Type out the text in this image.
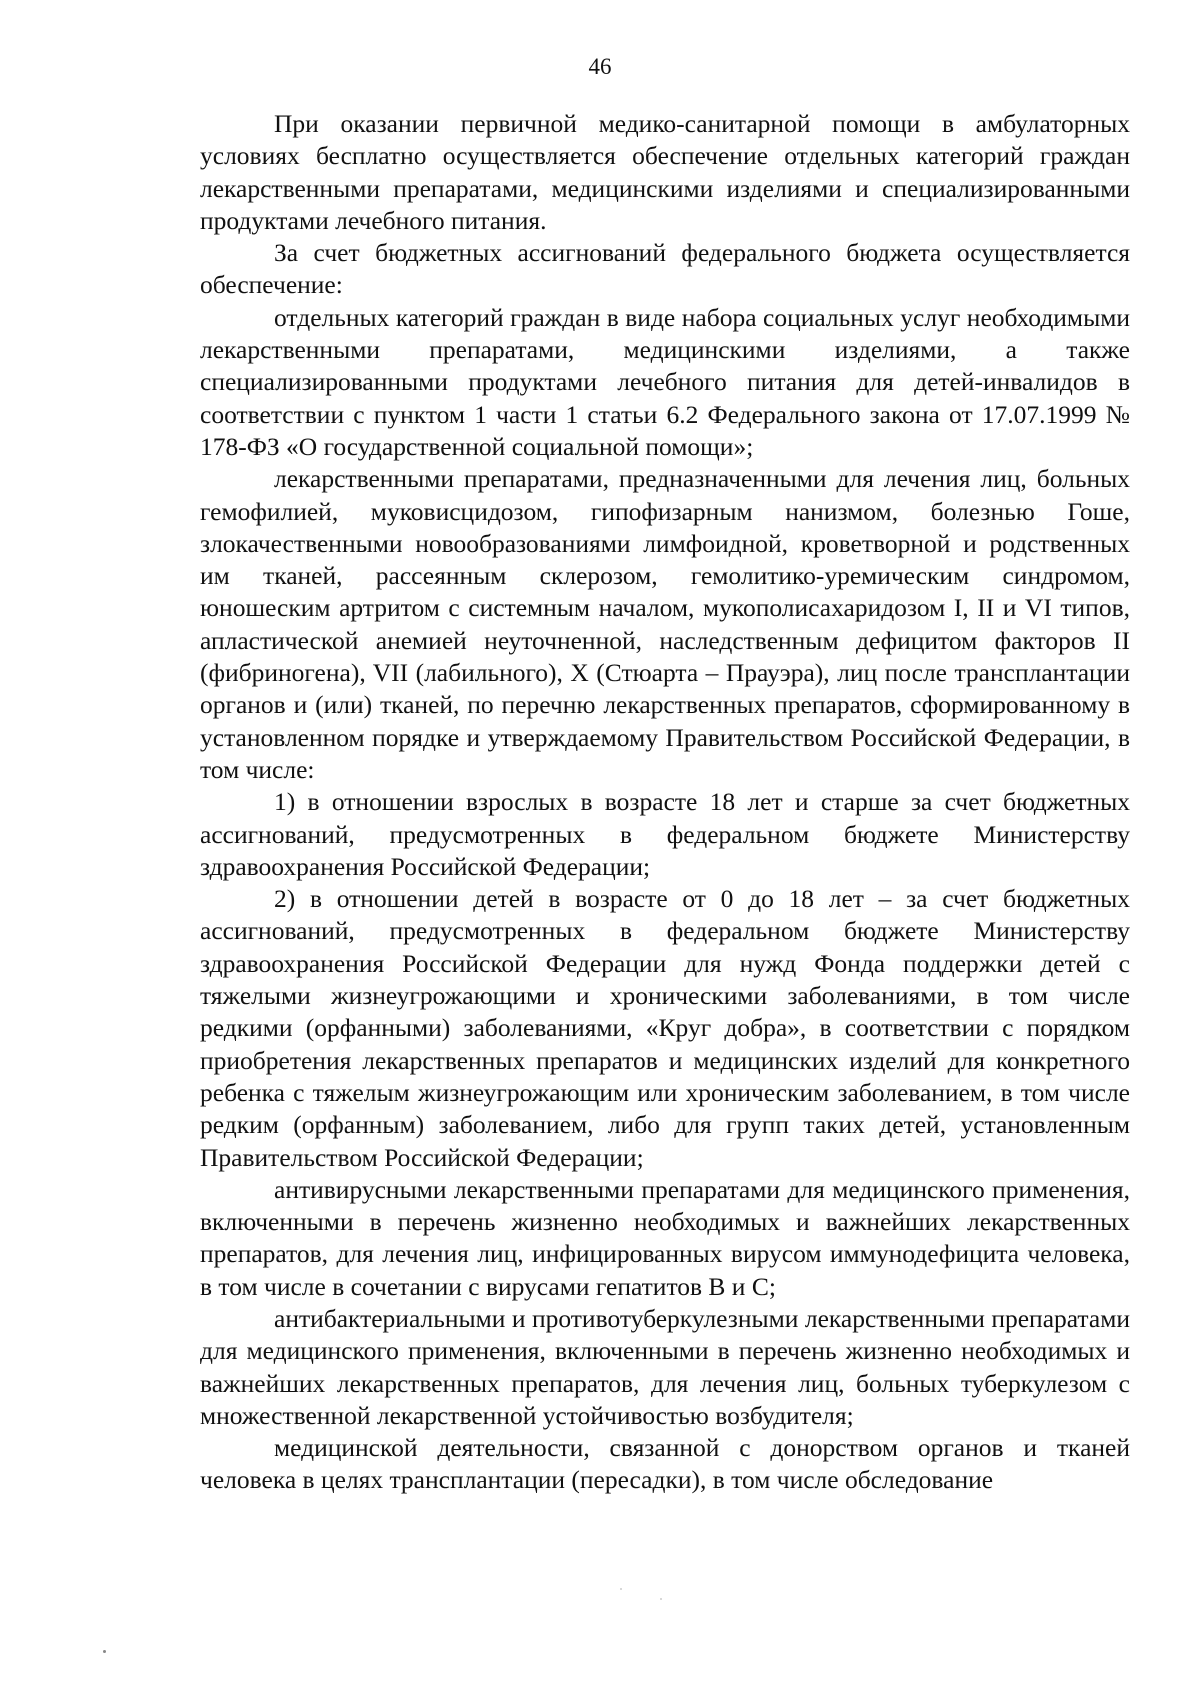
46

При оказании первичной медико-санитарной помощи в амбулаторных условиях бесплатно осуществляется обеспечение отдельных категорий граждан лекарственными препаратами, медицинскими изделиями и специализированными продуктами лечебного питания.

За счет бюджетных ассигнований федерального бюджета осуществляется обеспечение:

отдельных категорий граждан в виде набора социальных услуг необходимыми лекарственными препаратами, медицинскими изделиями, а также специализированными продуктами лечебного питания для детей-инвалидов в соответствии с пунктом 1 части 1 статьи 6.2 Федерального закона от 17.07.1999 № 178-ФЗ «О государственной социальной помощи»;

лекарственными препаратами, предназначенными для лечения лиц, больных гемофилией, муковисцидозом, гипофизарным нанизмом, болезнью Гоше, злокачественными новообразованиями лимфоидной, кроветворной и родственных им тканей, рассеянным склерозом, гемолитико-уремическим синдромом, юношеским артритом с системным началом, мукополисахаридозом I, II и VI типов, апластической анемией неуточненной, наследственным дефицитом факторов II (фибриногена), VII (лабильного), X (Стюарта – Прауэра), лиц после трансплантации органов и (или) тканей, по перечню лекарственных препаратов, сформированному в установленном порядке и утверждаемому Правительством Российской Федерации, в том числе:

1) в отношении взрослых в возрасте 18 лет и старше за счет бюджетных ассигнований, предусмотренных в федеральном бюджете Министерству здравоохранения Российской Федерации;

2) в отношении детей в возрасте от 0 до 18 лет – за счет бюджетных ассигнований, предусмотренных в федеральном бюджете Министерству здравоохранения Российской Федерации для нужд Фонда поддержки детей с тяжелыми жизнеугрожающими и хроническими заболеваниями, в том числе редкими (орфанными) заболеваниями, «Круг добра», в соответствии с порядком приобретения лекарственных препаратов и медицинских изделий для конкретного ребенка с тяжелым жизнеугрожающим или хроническим заболеванием, в том числе редким (орфанным) заболеванием, либо для групп таких детей, установленным Правительством Российской Федерации;

антивирусными лекарственными препаратами для медицинского применения, включенными в перечень жизненно необходимых и важнейших лекарственных препаратов, для лечения лиц, инфицированных вирусом иммунодефицита человека, в том числе в сочетании с вирусами гепатитов B и C;

антибактериальными и противотуберкулезными лекарственными препаратами для медицинского применения, включенными в перечень жизненно необходимых и важнейших лекарственных препаратов, для лечения лиц, больных туберкулезом с множественной лекарственной устойчивостью возбудителя;

медицинской деятельности, связанной с донорством органов и тканей человека в целях трансплантации (пересадки), в том числе обследование
